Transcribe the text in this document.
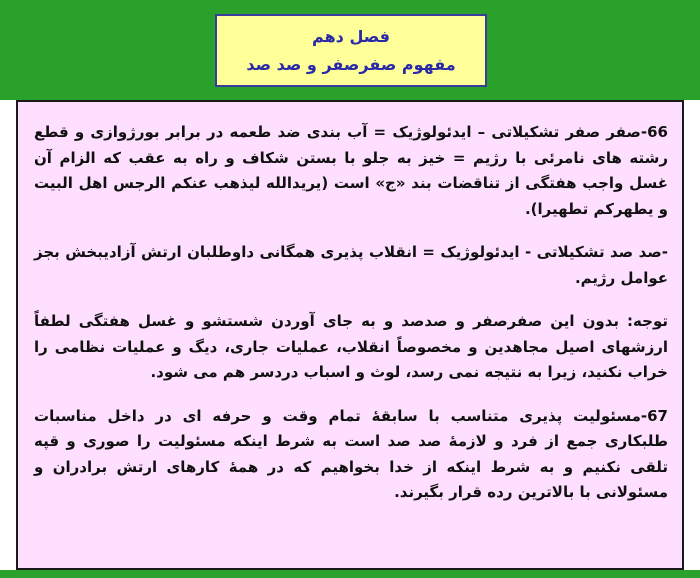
فصل دهم
مفهوم صفرصفر و صد صد

66-صفر صفر تشکیلاتی – ایدئولوژیک = آب بندی ضد طعمه در برابر بورژوازی و قطع رشته های نامرئی با رژیم = خیز به جلو با بستن شکاف و راه به عقب که الزام آن غسل واجب هفتگی از تناقضات بند «ج» است (یریدالله لیذهب عنکم الرجس اهل البیت و یطهرکم تطهیرا).

-صد صد تشکیلاتی - ایدئولوژیک = انقلاب پذیری همگانی داوطلبان ارتش آزادیبخش بجز عوامل رژیم.

توجه: بدون این صفرصفر و صدصد و به جای آوردن شستشو و غسل هفتگی لطفاً ارزشهای اصیل مجاهدین و مخصوصاً انقلاب، عملیات جاری، دیگ و عملیات نظامی را خراب نکنید، زیرا به نتیجه نمی رسد، لوث و اسباب دردسر هم می شود.

67-مسئولیت پذیری متناسب با سابقۀ تمام وقت و حرفه ای در داخل مناسبات طلبکاری جمع از فرد و لازمۀ صد صد است به شرط اینکه مسئولیت را صوری و قپه تلقی نکنیم و به شرط اینکه از خدا بخواهیم که در همۀ کارهای ارتش برادران و مسئولانی با بالاترین رده قرار بگیرند.
